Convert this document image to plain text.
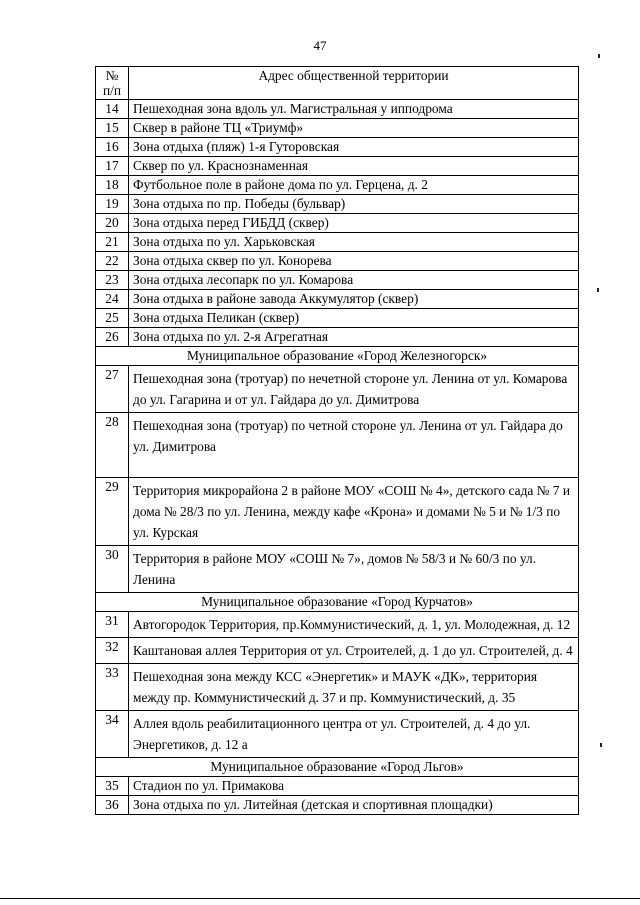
47
№
п/п	Адрес общественной территории
14	Пешеходная зона вдоль ул. Магистральная у ипподрома
15	Сквер в районе ТЦ «Триумф»
16	Зона отдыха (пляж) 1-я Гуторовская
17	Сквер по ул. Краснознаменная
18	Футбольное поле в районе дома по ул. Герцена, д. 2
19	Зона отдыха по пр. Победы (бульвар)
20	Зона отдыха перед ГИБДД (сквер)
21	Зона отдыха по ул. Харьковская
22	Зона отдыха сквер по ул. Конорева
23	Зона отдыха лесопарк по ул. Комарова
24	Зона отдыха в районе завода Аккумулятор (сквер)
25	Зона отдыха Пеликан (сквер)
26	Зона отдыха по ул. 2-я Агрегатная
Муниципальное образование «Город Железногорск»	
27	Пешеходная зона (тротуар) по нечетной стороне ул. Ленина от ул. Комарова до ул. Гагарина и от ул. Гайдара до ул. Димитрова
28	Пешеходная зона (тротуар) по четной стороне ул. Ленина от ул. Гайдара до ул. Димитрова
29	Территория микрорайона 2 в районе МОУ «СОШ № 4», детского сада № 7 и дома № 28/3 по ул. Ленина, между кафе «Крона» и домами № 5 и № 1/3 по ул. Курская
30	Территория в районе МОУ «СОШ № 7», домов № 58/3 и № 60/3 по ул. Ленина
Муниципальное образование «Город Курчатов»	
31	Автогородок Территория, пр.Коммунистический, д. 1, ул. Молодежная, д. 12
32	Каштановая аллея Территория от ул. Строителей, д. 1 до ул. Строителей, д. 4
33	Пешеходная зона между КСС «Энергетик» и МАУК «ДК», территория между пр. Коммунистический д. 37 и пр. Коммунистический, д. 35
34	Аллея вдоль реабилитационного центра от ул. Строителей, д. 4 до ул. Энергетиков, д. 12 а
Муниципальное образование «Город Льгов»	
35	Стадион по ул. Примакова
36	Зона отдыха по ул. Литейная (детская и спортивная площадки)
